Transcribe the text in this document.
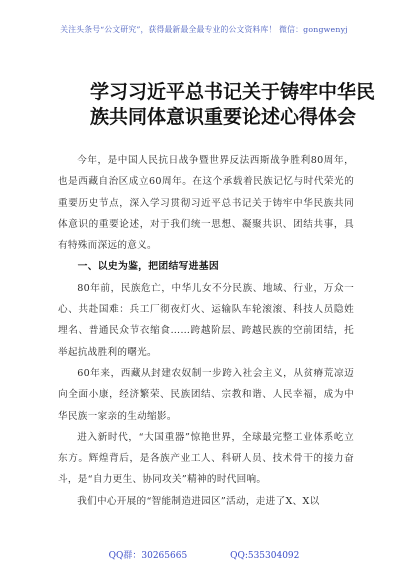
关注头条号“公文研究”，获得最新最全最专业的公文资料库！ 微信：gongwenyj
学习习近平总书记关于铸牢中华民族共同体意识重要论述心得体会

今年，是中国人民抗日战争暨世界反法西斯战争胜利80周年，也是西藏自治区成立60周年。在这个承载着民族记忆与时代荣光的重要历史节点，深入学习贯彻习近平总书记关于铸牢中华民族共同体意识的重要论述，对于我们统一思想、凝聚共识、团结共事，具有特殊而深远的意义。

一、以史为鉴，把团结写进基因

80年前，民族危亡，中华儿女不分民族、地域、行业，万众一心、共赴国难：兵工厂彻夜灯火、运输队车轮滚滚、科技人员隐姓埋名、普通民众节衣缩食……跨越阶层、跨越民族的空前团结，托举起抗战胜利的曙光。

60年来，西藏从封建农奴制一步跨入社会主义，从贫瘠荒凉迈向全面小康，经济繁荣、民族团结、宗教和谐、人民幸福，成为中华民族一家亲的生动缩影。

进入新时代，“大国重器”惊艳世界，全球最完整工业体系屹立东方。辉煌背后，是各族产业工人、科研人员、技术骨干的接力奋斗，是“自力更生、协同攻关”精神的时代回响。

我们中心开展的“智能制造进园区”活动，走进了X、X以

QQ群：30265665	QQ:535304092
